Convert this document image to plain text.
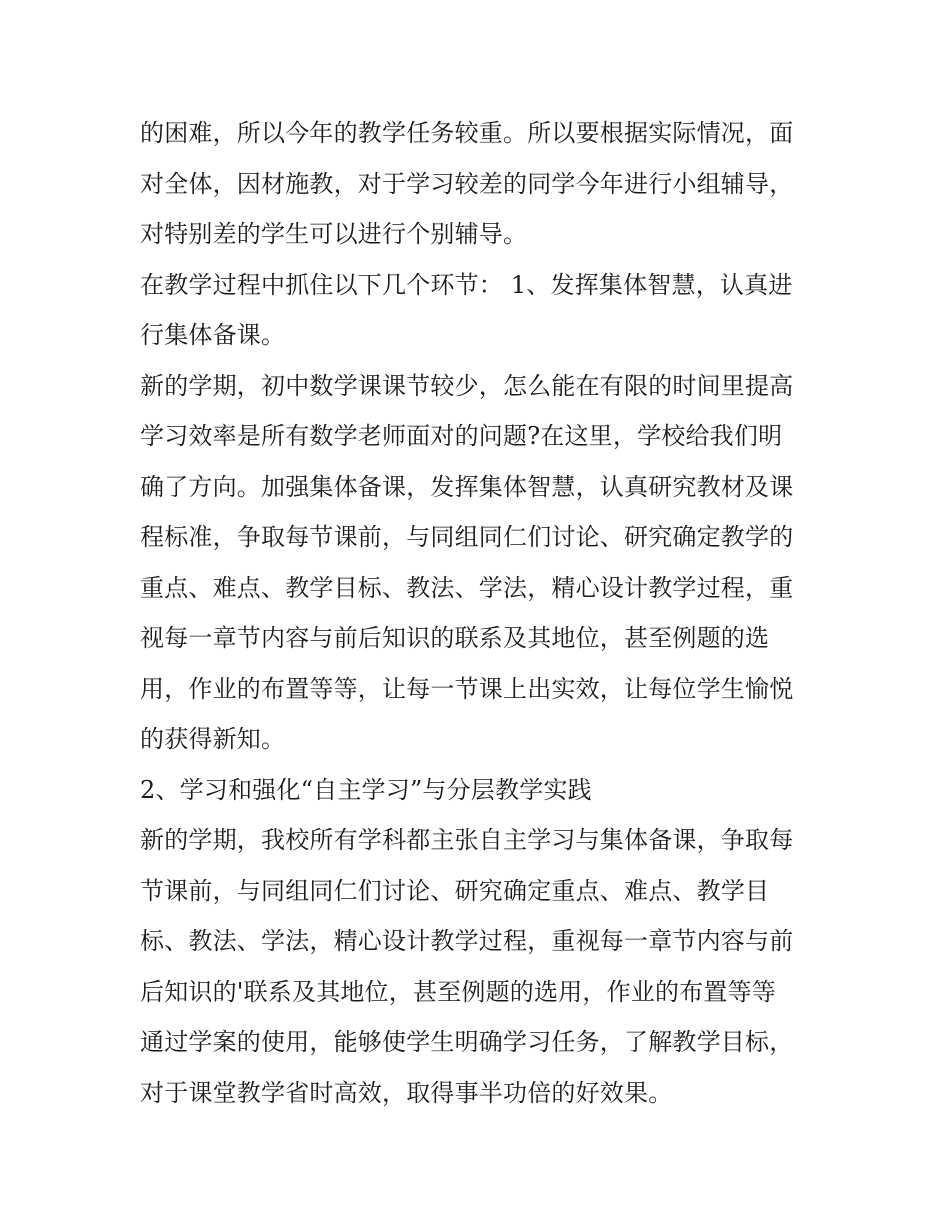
的困难，所以今年的教学任务较重。所以要根据实际情况，面
对全体，因材施教，对于学习较差的同学今年进行小组辅导，
对特别差的学生可以进行个别辅导。

在教学过程中抓住以下几个环节： 1、发挥集体智慧，认真进
行集体备课。

新的学期，初中数学课课节较少，怎么能在有限的时间里提高
学习效率是所有数学老师面对的问题?在这里，学校给我们明
确了方向。加强集体备课，发挥集体智慧，认真研究教材及课
程标准，争取每节课前，与同组同仁们讨论、研究确定教学的
重点、难点、教学目标、教法、学法，精心设计教学过程，重
视每一章节内容与前后知识的联系及其地位，甚至例题的选
用，作业的布置等等，让每一节课上出实效，让每位学生愉悦
的获得新知。

2、学习和强化“自主学习”与分层教学实践

新的学期，我校所有学科都主张自主学习与集体备课，争取每
节课前，与同组同仁们讨论、研究确定重点、难点、教学目
标、教法、学法，精心设计教学过程，重视每一章节内容与前
后知识的'联系及其地位，甚至例题的选用，作业的布置等等
通过学案的使用，能够使学生明确学习任务，了解教学目标，
对于课堂教学省时高效，取得事半功倍的好效果。
